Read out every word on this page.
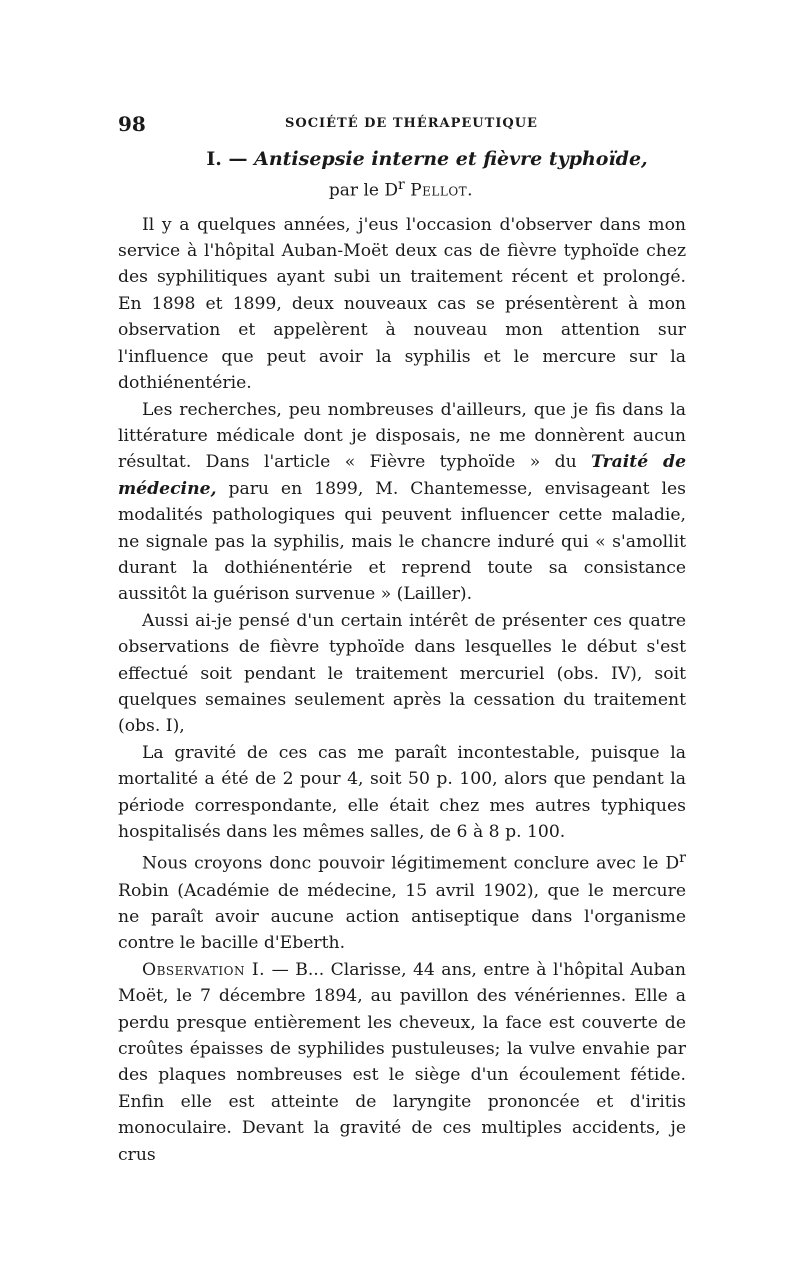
98	SOCIÉTÉ DE THÉRAPEUTIQUE
I. — Antisepsie interne et fièvre typhoïde,
par le $D^r$ Pellot.

Il y a quelques années, j'eus l'occasion d'observer dans mon service à l'hôpital Auban-Moët deux cas de fièvre typhoïde chez des syphilitiques ayant subi un traitement récent et prolongé. En 1898 et 1899, deux nouveaux cas se présentèrent à mon observation et appelèrent à nouveau mon attention sur l'influence que peut avoir la syphilis et le mercure sur la dothiénentérie.

Les recherches, peu nombreuses d'ailleurs, que je fis dans la littérature médicale dont je disposais, ne me donnèrent aucun résultat. Dans l'article « Fièvre typhoïde » du Traité de médecine, paru en 1899, M. Chantemesse, envisageant les modalités pathologiques qui peuvent influencer cette maladie, ne signale pas la syphilis, mais le chancre induré qui « s'amollit durant la dothiénentérie et reprend toute sa consistance aussitôt la guérison survenue » (Lailler).

Aussi ai-je pensé d'un certain intérêt de présenter ces quatre observations de fièvre typhoïde dans lesquelles le début s'est effectué soit pendant le traitement mercuriel (obs. IV), soit quelques semaines seulement après la cessation du traitement (obs. I),

La gravité de ces cas me paraît incontestable, puisque la mortalité a été de 2 pour 4, soit 50 p. 100, alors que pendant la période correspondante, elle était chez mes autres typhiques hospitalisés dans les mêmes salles, de 6 à 8 p. 100.

Nous croyons donc pouvoir légitimement conclure avec le $D^r$ Robin (Académie de médecine, 15 avril 1902), que le mercure ne paraît avoir aucune action antiseptique dans l'organisme contre le bacille d'Eberth.

Observation I. — B... Clarisse, 44 ans, entre à l'hôpital Auban Moët, le 7 décembre 1894, au pavillon des vénériennes. Elle a perdu presque entièrement les cheveux, la face est couverte de croûtes épaisses de syphilides pustuleuses; la vulve envahie par des plaques nombreuses est le siège d'un écoulement fétide. Enfin elle est atteinte de laryngite prononcée et d'iritis monoculaire. Devant la gravité de ces multiples accidents, je crus
